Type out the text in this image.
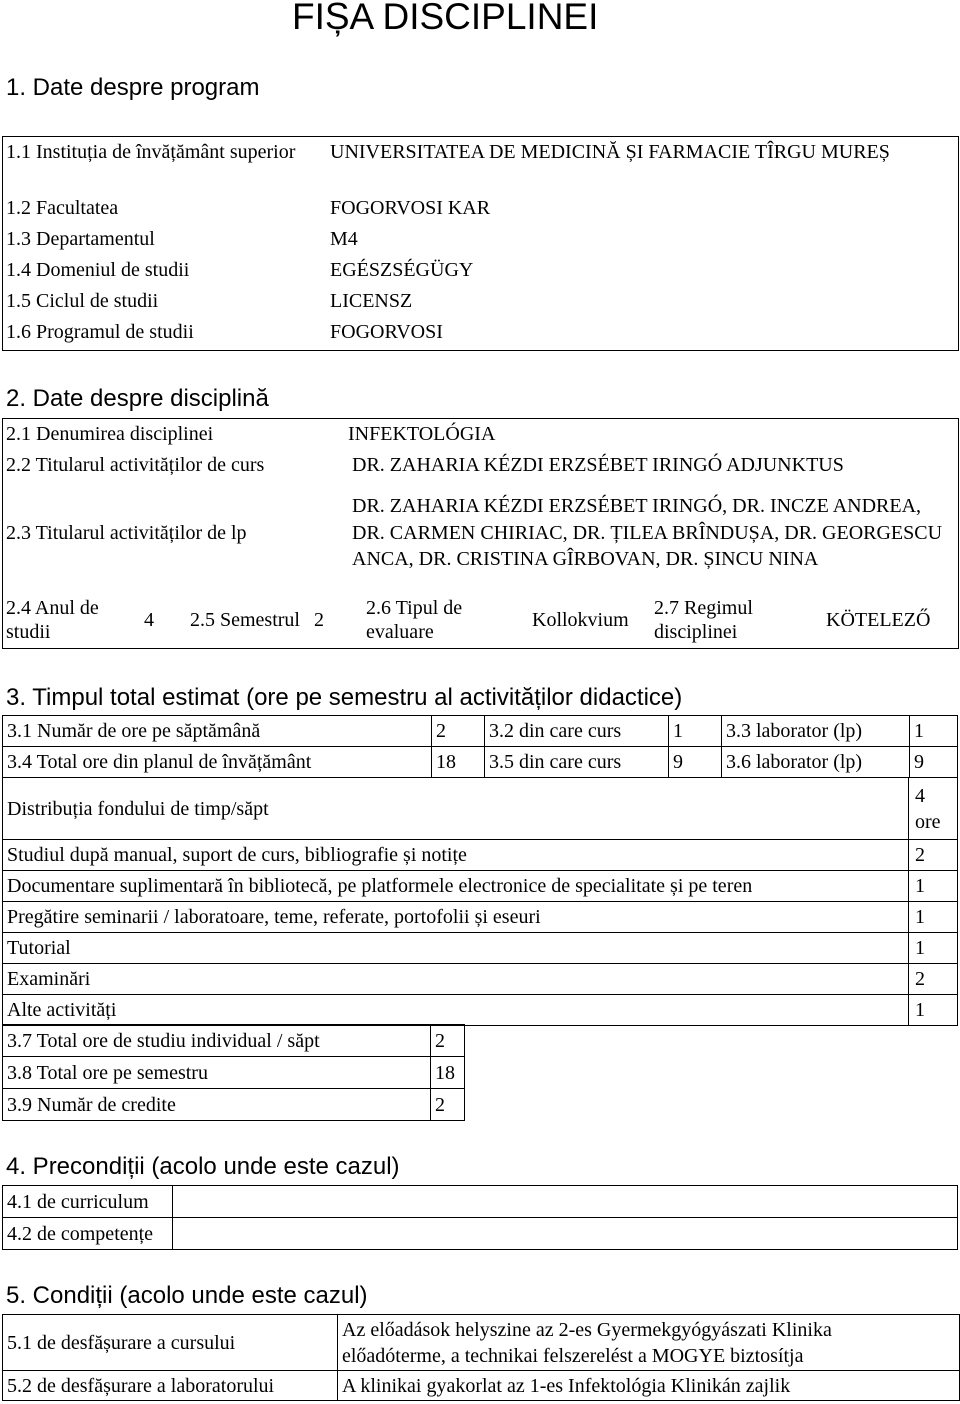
FIȘA DISCIPLINEI
1. Date despre program
1.1 Instituția de învățământ superior	UNIVERSITATEA DE MEDICINĂ ȘI FARMACIE TÎRGU MUREȘ
1.2 Facultatea	FOGORVOSI KAR
1.3 Departamentul	M4
1.4 Domeniul de studii	EGÉSZSÉGÜGY
1.5 Ciclul de studii	LICENSZ
1.6 Programul de studii	FOGORVOSI
2. Date despre disciplină
2.1 Denumirea disciplinei	INFEKTOLÓGIA
2.2 Titularul activităților de curs	DR. ZAHARIA KÉZDI ERZSÉBET IRINGÓ ADJUNKTUS
2.3 Titularul activităților de lp	DR. ZAHARIA KÉZDI ERZSÉBET IRINGÓ, DR. INCZE ANDREA, DR. CARMEN CHIRIAC, DR. ȚILEA BRÎNDUȘA, DR. GEORGESCU ANCA, DR. CRISTINA GÎRBOVAN, DR. ȘINCU NINA
2.4 Anul de studii	4	2.5 Semestrul	2	2.6 Tipul de evaluare	Kollokvium	2.7 Regimul disciplinei	KÖTELEZŐ
3. Timpul total estimat (ore pe semestru al activităților didactice)
3.1 Număr de ore pe săptămână	2	3.2 din care curs	1	3.3 laborator (lp)	1
3.4 Total ore din planul de învățământ	18	3.5 din care curs	9	3.6 laborator (lp)	9
Distribuția fondului de timp/săpt	4 ore
Studiul după manual, suport de curs, bibliografie și notițe	2
Documentare suplimentară în bibliotecă, pe platformele electronice de specialitate și pe teren	1
Pregătire seminarii / laboratoare, teme, referate, portofolii și eseuri	1
Tutorial	1
Examinări	2
Alte activități	1
3.7 Total ore de studiu individual / săpt	2
3.8 Total ore pe semestru	18
3.9 Număr de credite	2
4. Precondiții (acolo unde este cazul)
4.1 de curriculum	
4.2 de competențe	
5. Condiții (acolo unde este cazul)
5.1 de desfășurare a cursului	Az előadások helyszine az 2-es Gyermekgyógyászati Klinika előadóterme, a technikai felszerelést a MOGYE biztosítja
5.2 de desfășurare a laboratorului	A klinikai gyakorlat az 1-es Infektológia Klinikán zajlik
